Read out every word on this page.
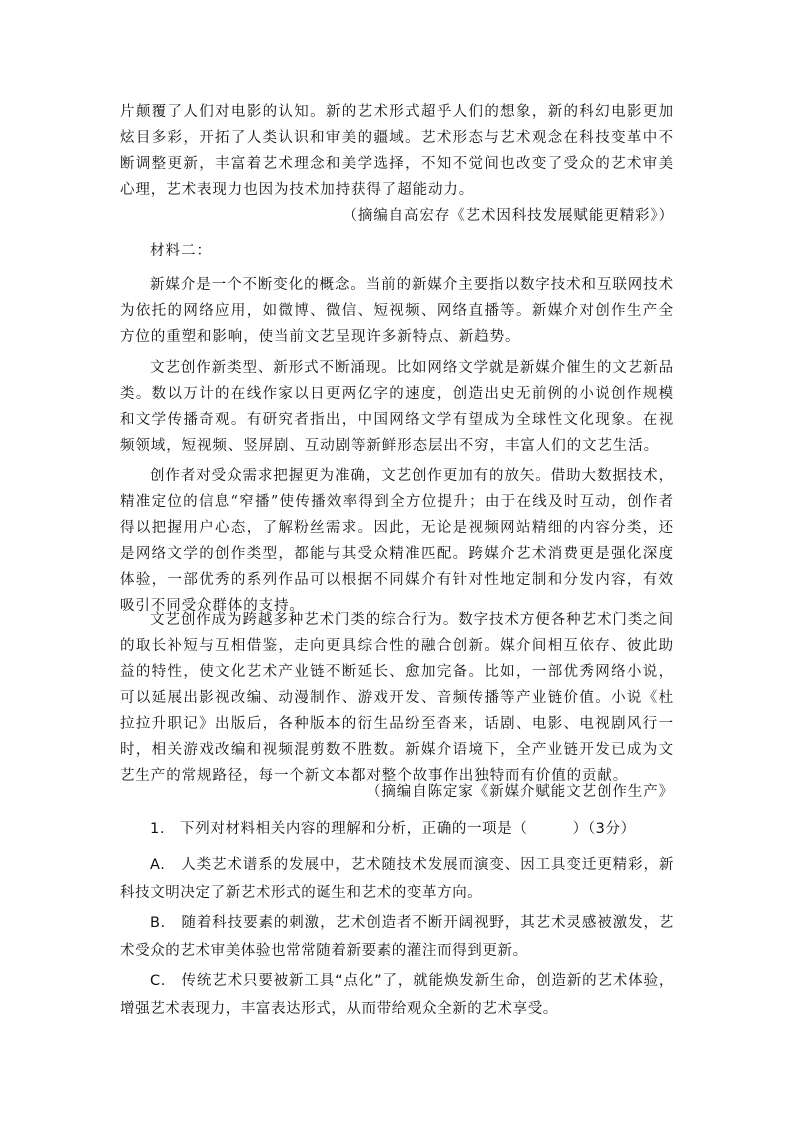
片颠覆了人们对电影的认知。新的艺术形式超乎人们的想象，新的科幻电影更加炫目多彩，开拓了人类认识和审美的疆域。艺术形态与艺术观念在科技变革中不断调整更新，丰富着艺术理念和美学选择，不知不觉间也改变了受众的艺术审美心理，艺术表现力也因为技术加持获得了超能动力。

（摘编自高宏存《艺术因科技发展赋能更精彩》）
材料二：

新媒介是一个不断变化的概念。当前的新媒介主要指以数字技术和互联网技术为依托的网络应用，如微博、微信、短视频、网络直播等。新媒介对创作生产全方位的重塑和影响，使当前文艺呈现许多新特点、新趋势。

文艺创作新类型、新形式不断涌现。比如网络文学就是新媒介催生的文艺新品类。数以万计的在线作家以日更两亿字的速度，创造出史无前例的小说创作规模和文学传播奇观。有研究者指出，中国网络文学有望成为全球性文化现象。在视频领域，短视频、竖屏剧、互动剧等新鲜形态层出不穷，丰富人们的文艺生活。

创作者对受众需求把握更为准确，文艺创作更加有的放矢。借助大数据技术，精准定位的信息“窄播”使传播效率得到全方位提升；由于在线及时互动，创作者得以把握用户心态，了解粉丝需求。因此，无论是视频网站精细的内容分类，还是网络文学的创作类型，都能与其受众精准匹配。跨媒介艺术消费更是强化深度体验，一部优秀的系列作品可以根据不同媒介有针对性地定制和分发内容，有效吸引不同受众群体的支持。

文艺创作成为跨越多种艺术门类的综合行为。数字技术方便各种艺术门类之间的取长补短与互相借鉴，走向更具综合性的融合创新。媒介间相互依存、彼此助益的特性，使文化艺术产业链不断延长、愈加完备。比如，一部优秀网络小说，可以延展出影视改编、动漫制作、游戏开发、音频传播等产业链价值。小说《杜拉拉升职记》出版后，各种版本的衍生品纷至沓来，话剧、电影、电视剧风行一时，相关游戏改编和视频混剪数不胜数。新媒介语境下，全产业链开发已成为文艺生产的常规路径，每一个新文本都对整个故事作出独特而有价值的贡献。

（摘编自陈定家《新媒介赋能文艺创作生产》

1.　下列对材料相关内容的理解和分析，正确的一项是（　　　）（3分）

A.　人类艺术谱系的发展中，艺术随技术发展而演变、因工具变迁更精彩，新科技文明决定了新艺术形式的诞生和艺术的变革方向。

B.　随着科技要素的刺激，艺术创造者不断开阔视野，其艺术灵感被激发，艺术受众的艺术审美体验也常常随着新要素的灌注而得到更新。

C.　传统艺术只要被新工具“点化”了，就能焕发新生命，创造新的艺术体验，增强艺术表现力，丰富表达形式，从而带给观众全新的艺术享受。
